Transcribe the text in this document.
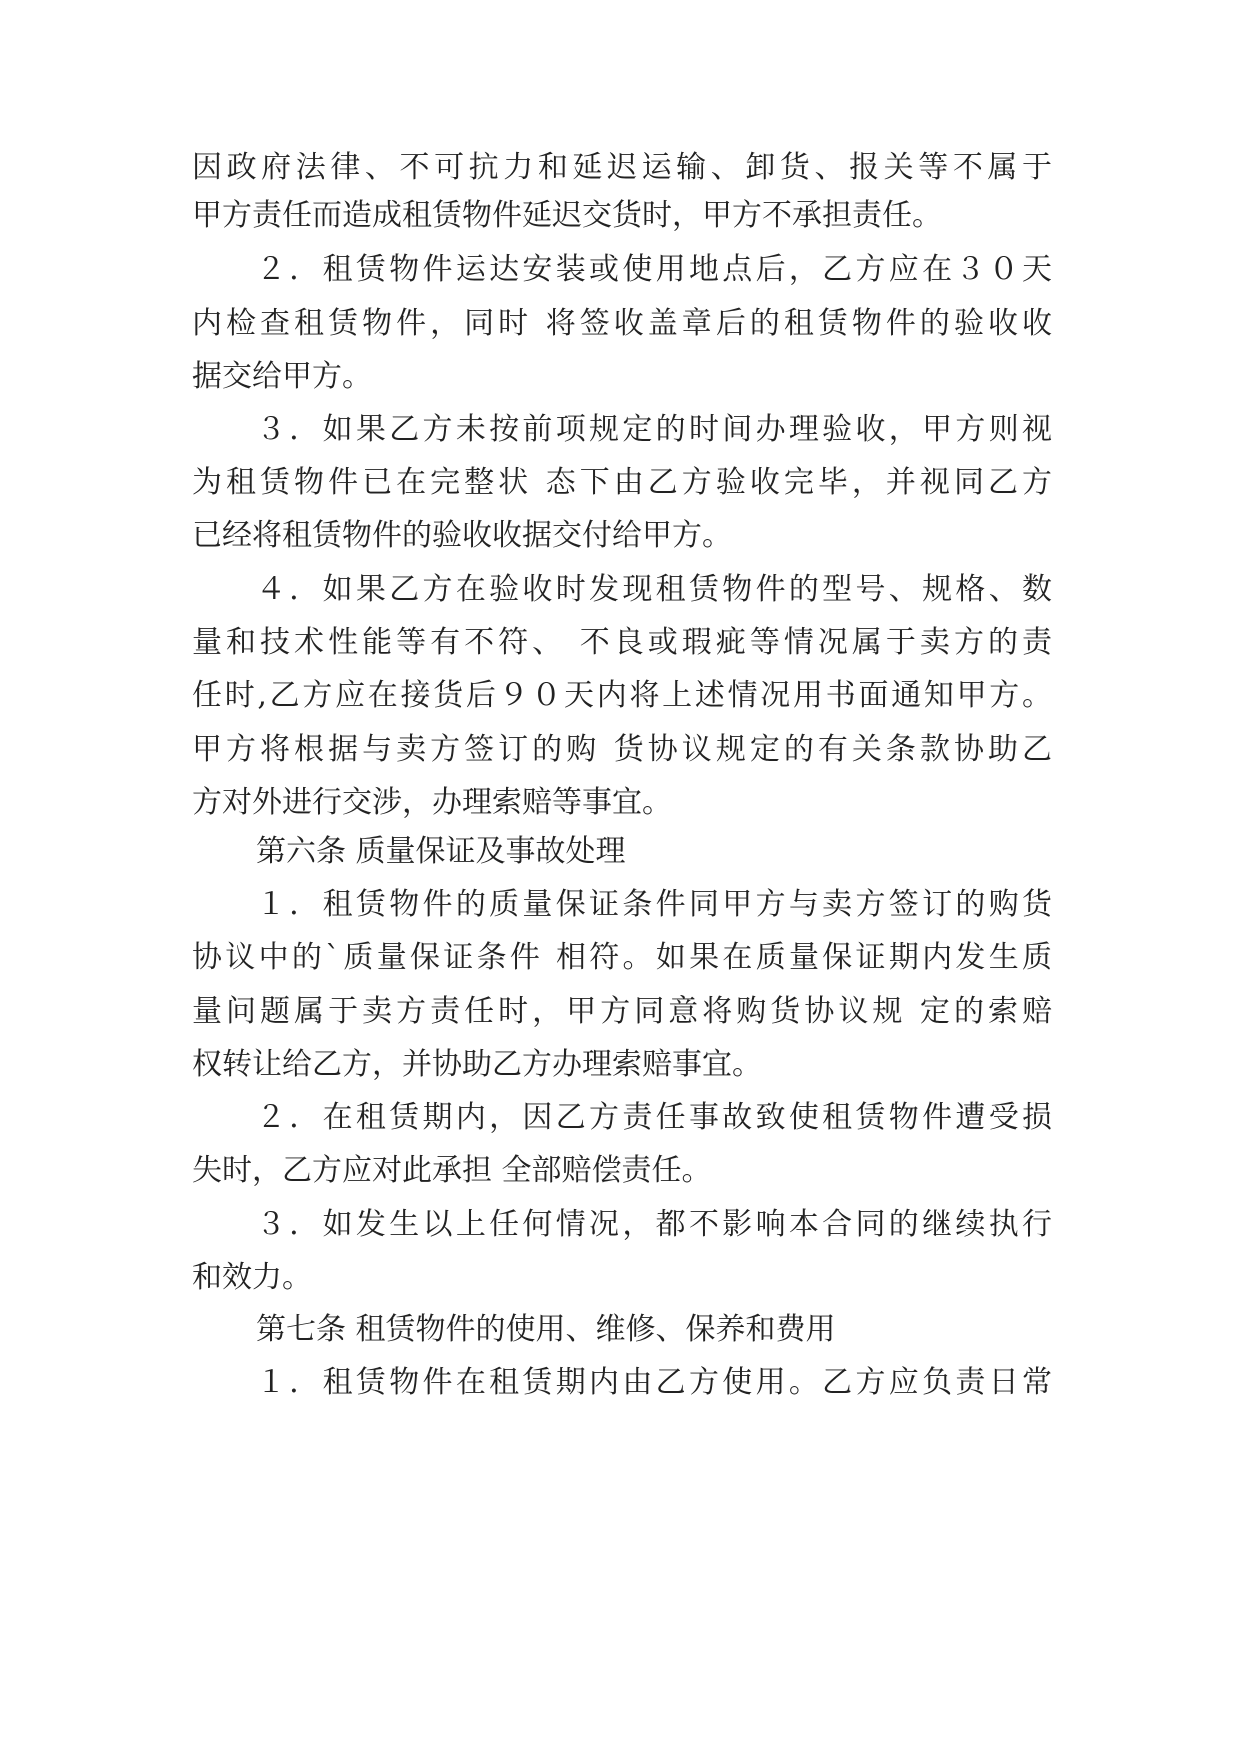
因政府法律、不可抗力和延迟运输、卸货、报关等不属于

甲方责任而造成租赁物件延迟交货时，甲方不承担责任。

２．租赁物件运达安装或使用地点后，乙方应在３０天

内检查租赁物件，同时 将签收盖章后的租赁物件的验收收

据交给甲方。

３．如果乙方未按前项规定的时间办理验收，甲方则视

为租赁物件已在完整状 态下由乙方验收完毕，并视同乙方

已经将租赁物件的验收收据交付给甲方。

４．如果乙方在验收时发现租赁物件的型号、规格、数

量和技术性能等有不符、 不良或瑕疵等情况属于卖方的责

任时,乙方应在接货后９０天内将上述情况用书面通知甲方。

甲方将根据与卖方签订的购 货协议规定的有关条款协助乙

方对外进行交涉，办理索赔等事宜。

第六条 质量保证及事故处理

１．租赁物件的质量保证条件同甲方与卖方签订的购货

协议中的`质量保证条件 相符。如果在质量保证期内发生质

量问题属于卖方责任时，甲方同意将购货协议规 定的索赔

权转让给乙方，并协助乙方办理索赔事宜。

２．在租赁期内，因乙方责任事故致使租赁物件遭受损

失时，乙方应对此承担 全部赔偿责任。

３．如发生以上任何情况，都不影响本合同的继续执行

和效力。

第七条 租赁物件的使用、维修、保养和费用

１．租赁物件在租赁期内由乙方使用。乙方应负责日常
